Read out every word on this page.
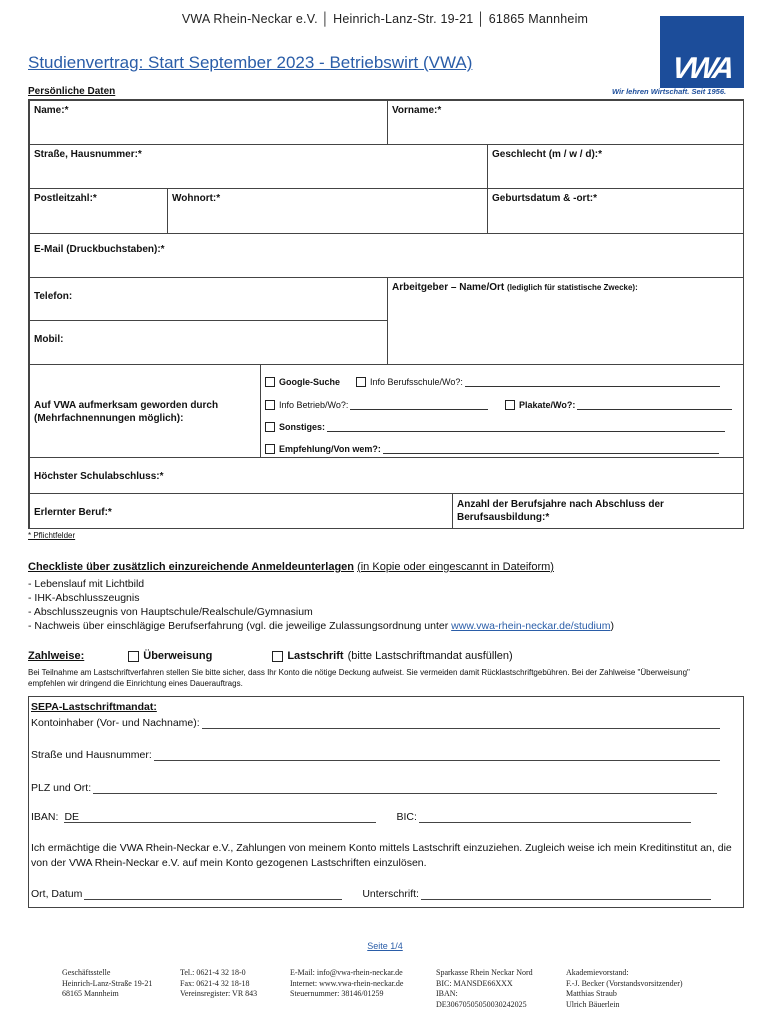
VWA Rhein-Neckar e.V. │ Heinrich-Lanz-Str. 19-21 │ 61865 Mannheim
Studienvertrag: Start September 2023 - Betriebswirt (VWA)	VWA
Wir lehren Wirtschaft. Seit 1956.
Persönliche Daten
Name:*	Vorname:*
Straße, Hausnummer:*	Geschlecht (m / w / d):*
Postleitzahl:*	Wohnort:*	Geburtsdatum & -ort:*
E-Mail (Druckbuchstaben):*
Telefon:
Mobil:
Arbeitgeber – Name/Ort (lediglich für statistische Zwecke):
Auf VWA aufmerksam geworden durch (Mehrfachnennungen möglich):
Google-Suche	Info Berufsschule/Wo?:
Info Betrieb/Wo?:	Plakate/Wo?:
Sonstiges:
Empfehlung/Von wem?:
Höchster Schulabschluss:*
Erlernter Beruf:*
Anzahl der Berufsjahre nach Abschluss der Berufsausbildung:*
* Pflichtfelder
Checkliste über zusätzlich einzureichende Anmeldeunterlagen (in Kopie oder eingescannt in Dateiform)
- Lebenslauf mit Lichtbild
- IHK-Abschlusszeugnis
- Abschlusszeugnis von Hauptschule/Realschule/Gymnasium
- Nachweis über einschlägige Berufserfahrung (vgl. die jeweilige Zulassungsordnung unter www.vwa-rhein-neckar.de/studium)
Zahlweise:	Überweisung	Lastschrift (bitte Lastschriftmandat ausfüllen)
Bei Teilnahme am Lastschriftverfahren stellen Sie bitte sicher, dass Ihr Konto die nötige Deckung aufweist. Sie vermeiden damit Rücklastschriftgebühren. Bei der Zahlweise "Überweisung" empfehlen wir dringend die Einrichtung eines Dauerauftrags.
SEPA-Lastschriftmandat:
Kontoinhaber (Vor- und Nachname):
Straße und Hausnummer:
PLZ und Ort:
IBAN: DE	BIC:
Ich ermächtige die VWA Rhein-Neckar e.V., Zahlungen von meinem Konto mittels Lastschrift einzuziehen. Zugleich weise ich mein Kreditinstitut an, die von der VWA Rhein-Neckar e.V. auf mein Konto gezogenen Lastschriften einzulösen.
Ort, Datum	Unterschrift:
Seite 1/4
Geschäftsstelle
Heinrich-Lanz-Straße 19-21
68165 Mannheim
Tel.: 0621-4 32 18-0
Fax: 0621-4 32 18-18
Vereinsregister: VR 843
E-Mail: info@vwa-rhein-neckar.de
Internet: www.vwa-rhein-neckar.de
Steuernummer: 38146/01259
Sparkasse Rhein Neckar Nord
BIC: MANSDE66XXX
IBAN:
DE30670505050030242025
Akademievorstand:
F.-J. Becker (Vorstandsvorsitzender)
Matthias Straub
Ulrich Bäuerlein
